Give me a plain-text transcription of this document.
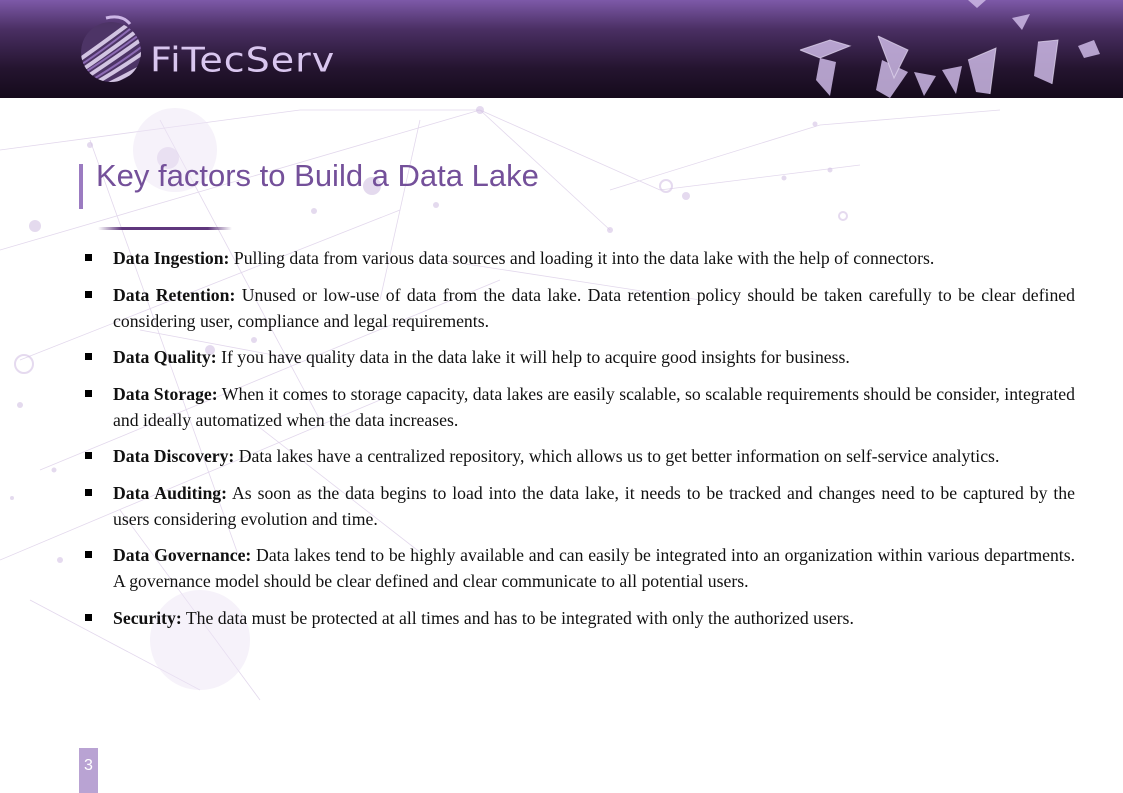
FiTecServ
Key factors to Build a Data Lake
Data Ingestion: Pulling data from various data sources and loading it into the data lake with the help of connectors.
Data Retention: Unused or low-use of data from the data lake. Data retention policy should be taken carefully to be clear defined considering user, compliance and legal requirements.
Data Quality: If you have quality data in the data lake it will help to acquire good insights for business.
Data Storage: When it comes to storage capacity, data lakes are easily scalable, so scalable requirements should be consider, integrated and ideally automatized when the data increases.
Data Discovery: Data lakes have a centralized repository, which allows us to get better information on self-service analytics.
Data Auditing: As soon as the data begins to load into the data lake, it needs to be tracked and changes need to be captured by the users considering evolution and time.
Data Governance: Data lakes tend to be highly available and can easily be integrated into an organization within various departments. A governance model should be clear defined and clear communicate to all potential users.
Security: The data must be protected at all times and has to be integrated with only the authorized users.
3
